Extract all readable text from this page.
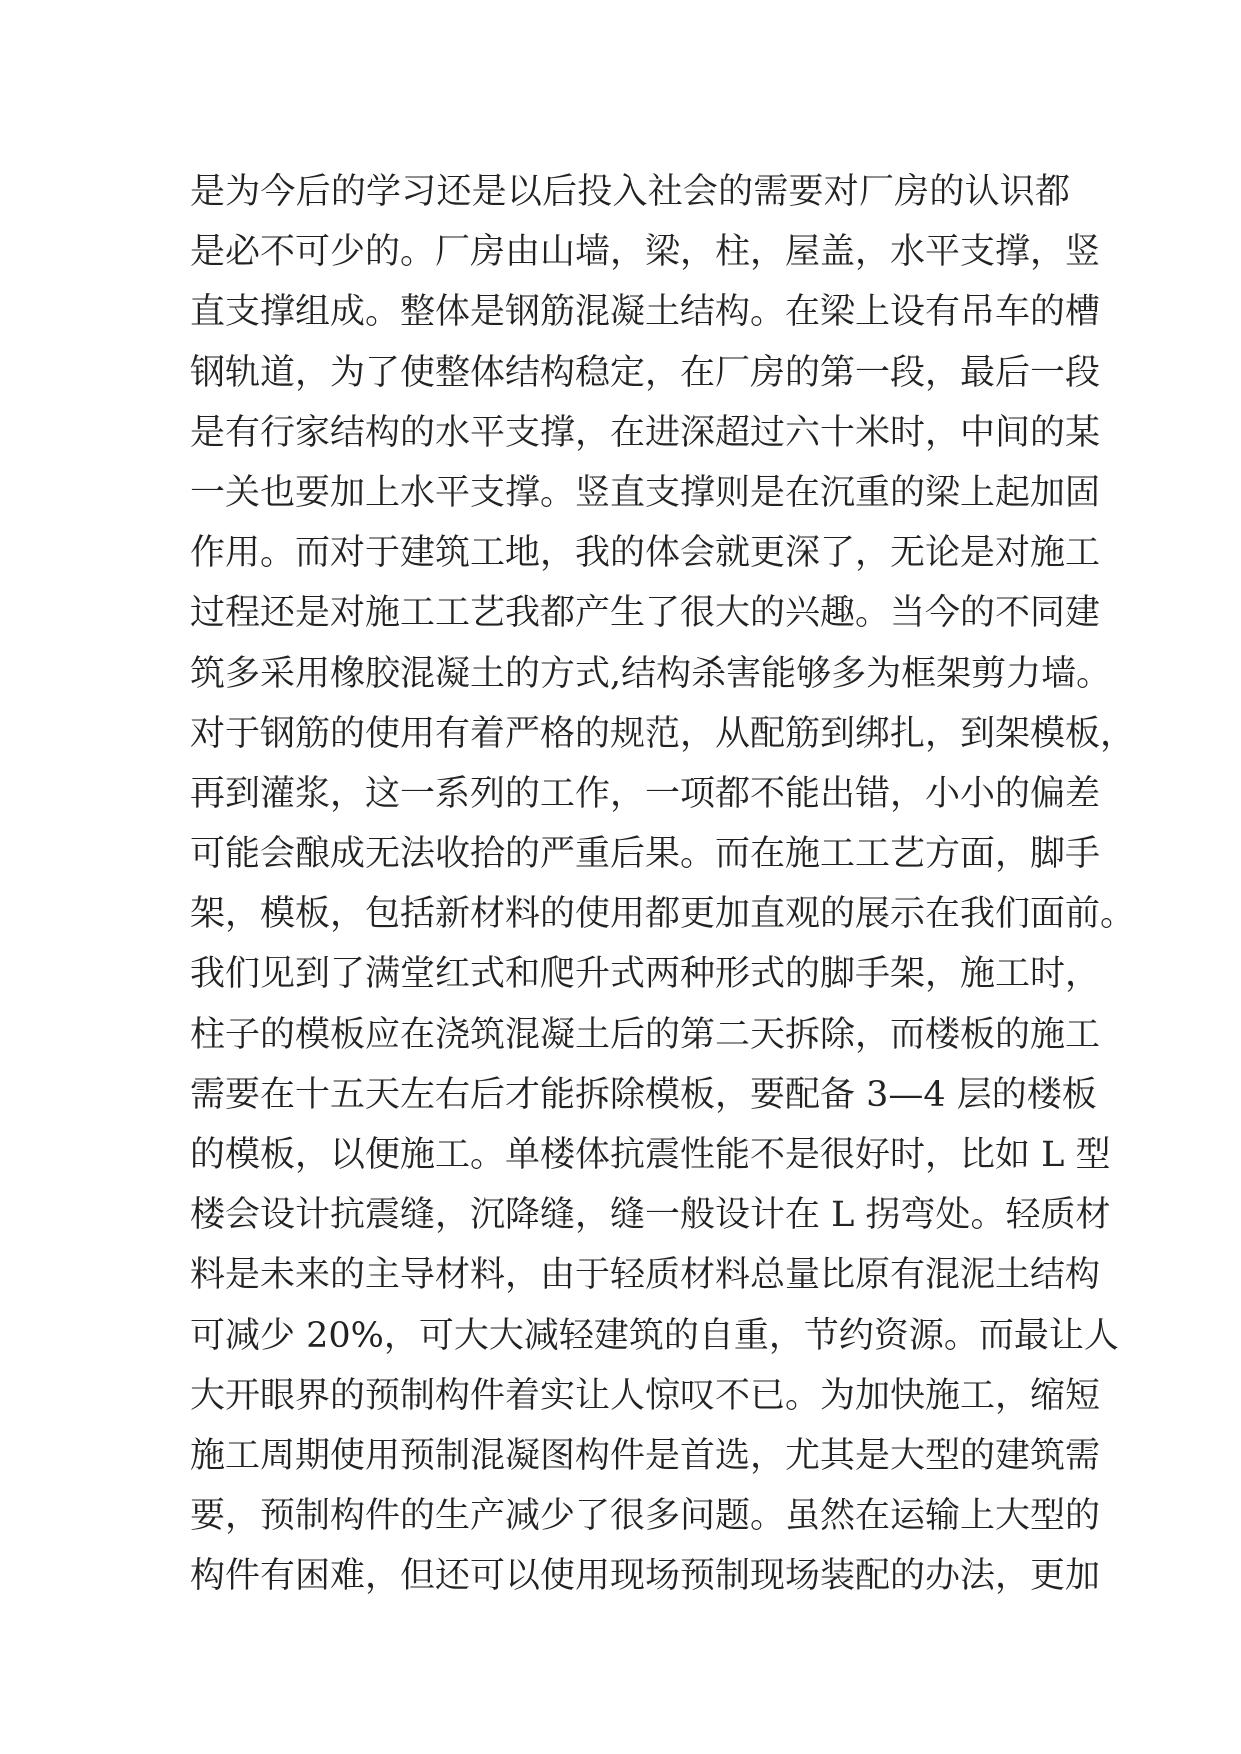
是为今后的学习还是以后投入社会的需要对厂房的认识都
是必不可少的。厂房由山墙，梁，柱，屋盖，水平支撑，竖
直支撑组成。整体是钢筋混凝土结构。在梁上设有吊车的槽
钢轨道，为了使整体结构稳定，在厂房的第一段，最后一段
是有行家结构的水平支撑，在进深超过六十米时，中间的某
一关也要加上水平支撑。竖直支撑则是在沉重的梁上起加固
作用。而对于建筑工地，我的体会就更深了，无论是对施工
过程还是对施工工艺我都产生了很大的兴趣。当今的不同建
筑多采用橡胶混凝土的方式,结构杀害能够多为框架剪力墙。
对于钢筋的使用有着严格的规范，从配筋到绑扎，到架模板，
再到灌浆，这一系列的工作，一项都不能出错，小小的偏差
可能会酿成无法收拾的严重后果。而在施工工艺方面，脚手
架，模板，包括新材料的使用都更加直观的展示在我们面前。
我们见到了满堂红式和爬升式两种形式的脚手架，施工时，
柱子的模板应在浇筑混凝土后的第二天拆除，而楼板的施工
需要在十五天左右后才能拆除模板，要配备 3—4 层的楼板
的模板，以便施工。单楼体抗震性能不是很好时，比如 L 型
楼会设计抗震缝，沉降缝，缝一般设计在 L 拐弯处。轻质材
料是未来的主导材料，由于轻质材料总量比原有混泥土结构
可减少 20%，可大大减轻建筑的自重，节约资源。而最让人
大开眼界的预制构件着实让人惊叹不已。为加快施工，缩短
施工周期使用预制混凝图构件是首选，尤其是大型的建筑需
要，预制构件的生产减少了很多问题。虽然在运输上大型的
构件有困难，但还可以使用现场预制现场装配的办法，更加
